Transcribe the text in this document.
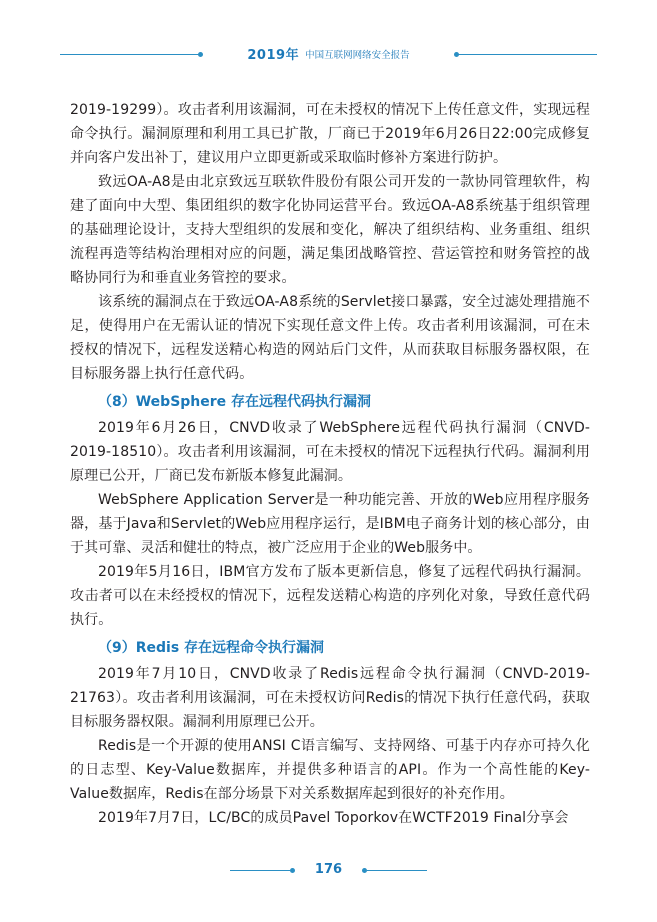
2019年 中国互联网网络安全报告

2019-19299）。攻击者利用该漏洞，可在未授权的情况下上传任意文件，实现远程命令执行。漏洞原理和利用工具已扩散，厂商已于2019年6月26日22:00完成修复并向客户发出补丁，建议用户立即更新或采取临时修补方案进行防护。

致远OA-A8是由北京致远互联软件股份有限公司开发的一款协同管理软件，构建了面向中大型、集团组织的数字化协同运营平台。致远OA-A8系统基于组织管理的基础理论设计，支持大型组织的发展和变化，解决了组织结构、业务重组、组织流程再造等结构治理相对应的问题，满足集团战略管控、营运管控和财务管控的战略协同行为和垂直业务管控的要求。

该系统的漏洞点在于致远OA-A8系统的Servlet接口暴露，安全过滤处理措施不足，使得用户在无需认证的情况下实现任意文件上传。攻击者利用该漏洞，可在未授权的情况下，远程发送精心构造的网站后门文件，从而获取目标服务器权限，在目标服务器上执行任意代码。

（8）WebSphere 存在远程代码执行漏洞

2019年6月26日，CNVD收录了WebSphere远程代码执行漏洞（CNVD-2019-18510）。攻击者利用该漏洞，可在未授权的情况下远程执行代码。漏洞利用原理已公开，厂商已发布新版本修复此漏洞。

WebSphere Application Server是一种功能完善、开放的Web应用程序服务器，基于Java和Servlet的Web应用程序运行，是IBM电子商务计划的核心部分，由于其可靠、灵活和健壮的特点，被广泛应用于企业的Web服务中。

2019年5月16日，IBM官方发布了版本更新信息，修复了远程代码执行漏洞。攻击者可以在未经授权的情况下，远程发送精心构造的序列化对象，导致任意代码执行。

（9）Redis 存在远程命令执行漏洞

2019年7月10日，CNVD收录了Redis远程命令执行漏洞（CNVD-2019-21763）。攻击者利用该漏洞，可在未授权访问Redis的情况下执行任意代码，获取目标服务器权限。漏洞利用原理已公开。

Redis是一个开源的使用ANSI C语言编写、支持网络、可基于内存亦可持久化的日志型、Key-Value数据库，并提供多种语言的API。作为一个高性能的Key-Value数据库，Redis在部分场景下对关系数据库起到很好的补充作用。

2019年7月7日，LC/BC的成员Pavel Toporkov在WCTF2019 Final分享会

176
